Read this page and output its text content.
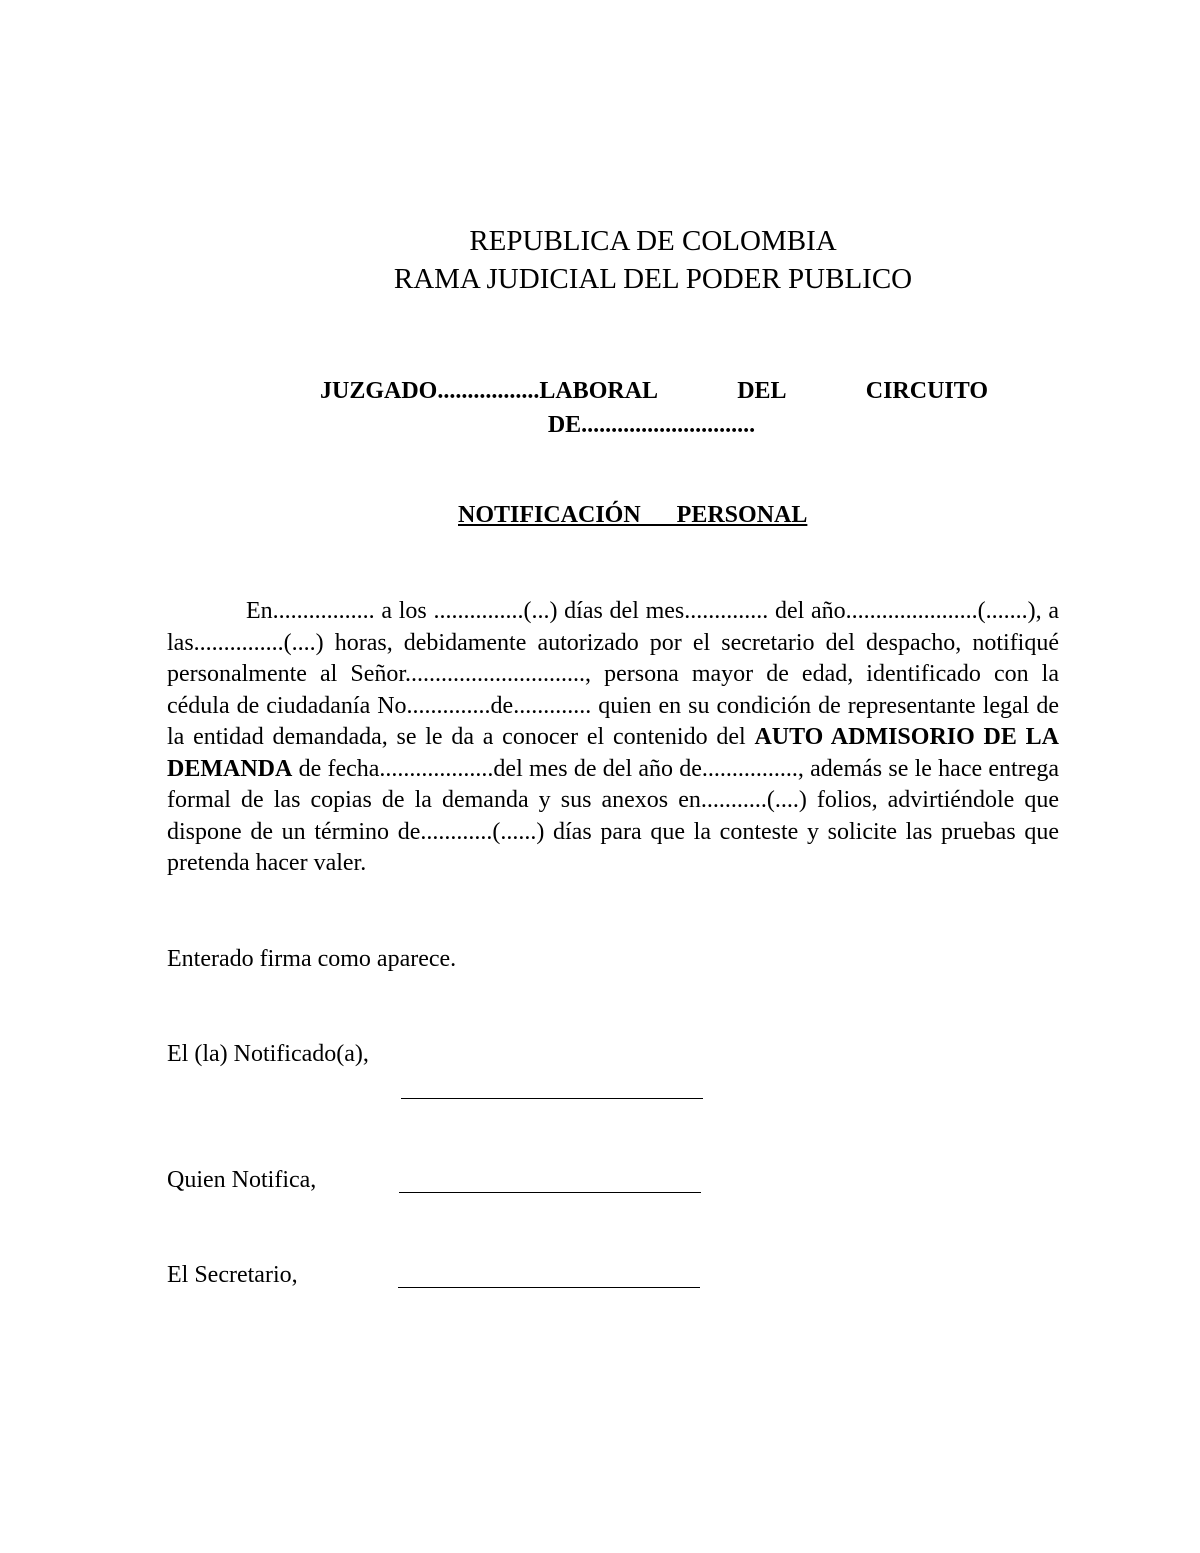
REPUBLICA DE COLOMBIA
RAMA JUDICIAL DEL PODER PUBLICO
JUZGADO.................LABORAL	DEL	CIRCUITO
DE.............................
NOTIFICACIÓN PERSONAL

En................. a los ...............(...) días del mes.............. del año......................(.......), a las...............(....) horas, debidamente autorizado por el secretario del despacho, notifiqué personalmente al Señor.............................., persona mayor de edad, identificado con la cédula de ciudadanía No..............de............. quien en su condición de representante legal de la entidad demandada, se le da a conocer el contenido del AUTO ADMISORIO DE LA DEMANDA de fecha...................del mes de del año de................, además se le hace entrega formal de las copias de la demanda y sus anexos en...........(....) folios, advirtiéndole que dispone de un término de............(......) días para que la conteste y solicite las pruebas que pretenda hacer valer.

Enterado firma como aparece.
El (la) Notificado(a),
Quien Notifica,
El Secretario,
